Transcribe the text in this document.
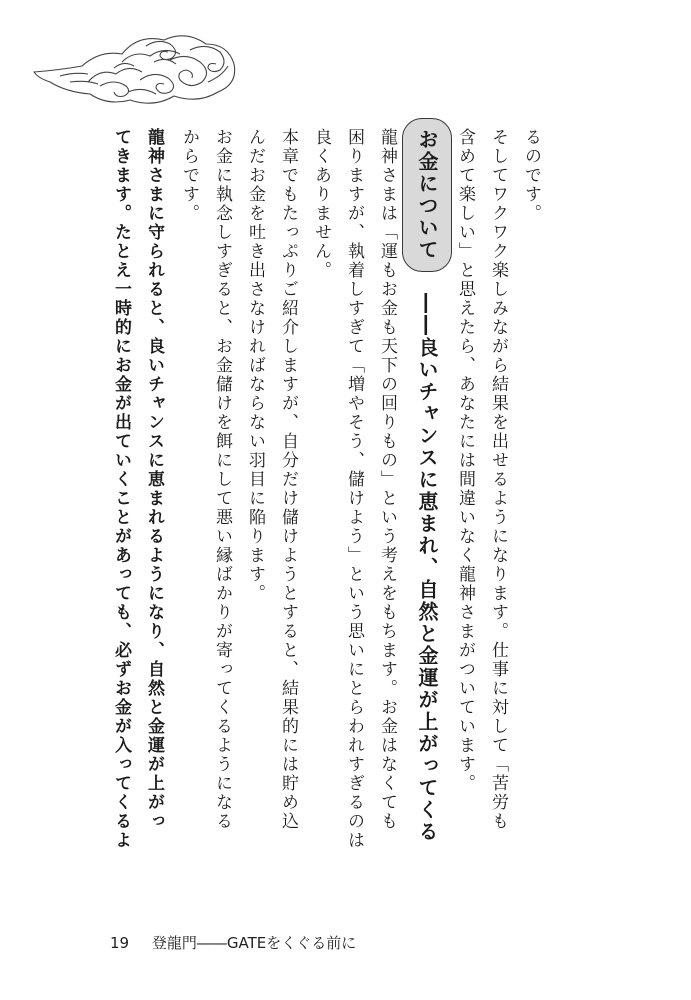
るのです。

そしてワクワク楽しみながら結果を出せるようになります。仕事に対して「苦労も

含めて楽しい」と思えたら、あなたには間違いなく龍神さまがついています。

お金について ――良いチャンスに恵まれ、自然と金運が上がってくる

龍神さまは「運もお金も天下の回りもの」という考えをもちます。お金はなくても

困りますが、執着しすぎて「増やそう、儲けよう」という思いにとらわれすぎるのは

良くありません。

本章でもたっぷりご紹介しますが、自分だけ儲けようとすると、結果的には貯め込

んだお金を吐き出さなければならない羽目に陥ります。

お金に執念しすぎると、お金儲けを餌にして悪い縁ばかりが寄ってくるようになる

からです。

龍神さまに守られると、良いチャンスに恵まれるようになり、自然と金運が上がっ

てきます。たとえ一時的にお金が出ていくことがあっても、必ずお金が入ってくるよ

19 登龍門――GATEをくぐる前に
